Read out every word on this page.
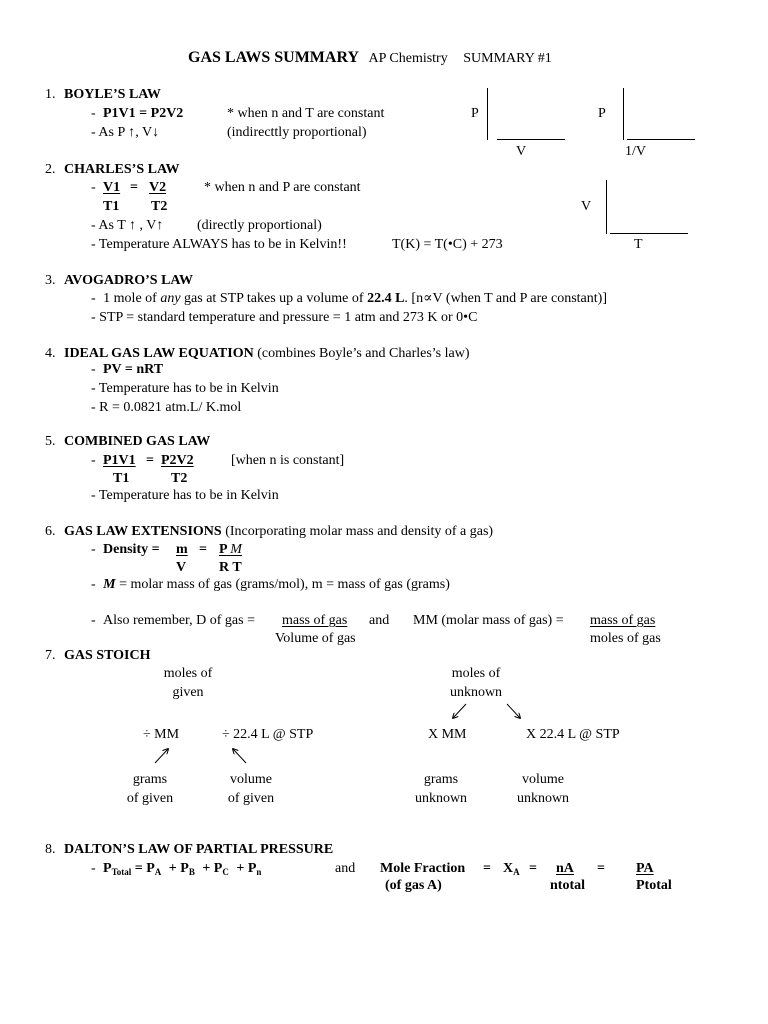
GAS LAWS SUMMARY AP Chemistry SUMMARY #1
1. BOYLE’S LAW
- P1V1 = P2V2	* when n and T are constant
- As P ↑, V↓	(indirecttly proportional)
P
V
P
1/V
2. CHARLES’S LAW
- V1 = V2	* when n and P are constant
T1 T2
- As T ↑ , V↑ (directly proportional)
- Temperature ALWAYS has to be in Kelvin!!	T(K) = T(•C) + 273
V
T
3. AVOGADRO’S LAW
- 1 mole of any gas at STP takes up a volume of 22.4 L. [n∝V (when T and P are constant)]
- STP = standard temperature and pressure = 1 atm and 273 K or 0•C
4. IDEAL GAS LAW EQUATION (combines Boyle’s and Charles’s law)
- PV = nRT
- Temperature has to be in Kelvin
- R = 0.0821 atm.L/ K.mol
5. COMBINED GAS LAW
- P1V1 = P2V2	[when n is constant]
T1	T2
- Temperature has to be in Kelvin
6. GAS LAW EXTENSIONS (Incorporating molar mass and density of a gas)
- Density = m = P M
V R T
- M = molar mass of gas (grams/mol), m = mass of gas (grams)
- Also remember, D of gas = mass of gas
Volume of gas
and MM (molar mass of gas) = mass of gas
moles of gas
7. GAS STOICH
moles of
given
moles of
unknown
÷ MM	÷ 22.4 L @ STP	X MM	X 22.4 L @ STP
grams
of given
volume
of given
grams
unknown
volume
unknown
8. DALTON’S LAW OF PARTIAL PRESSURE
- $P_{Total} = P_A + P_B + P_C + P_n$	and Mole Fraction = $X_A$ = nA = PA
(of gas A)	ntotal	Ptotal
